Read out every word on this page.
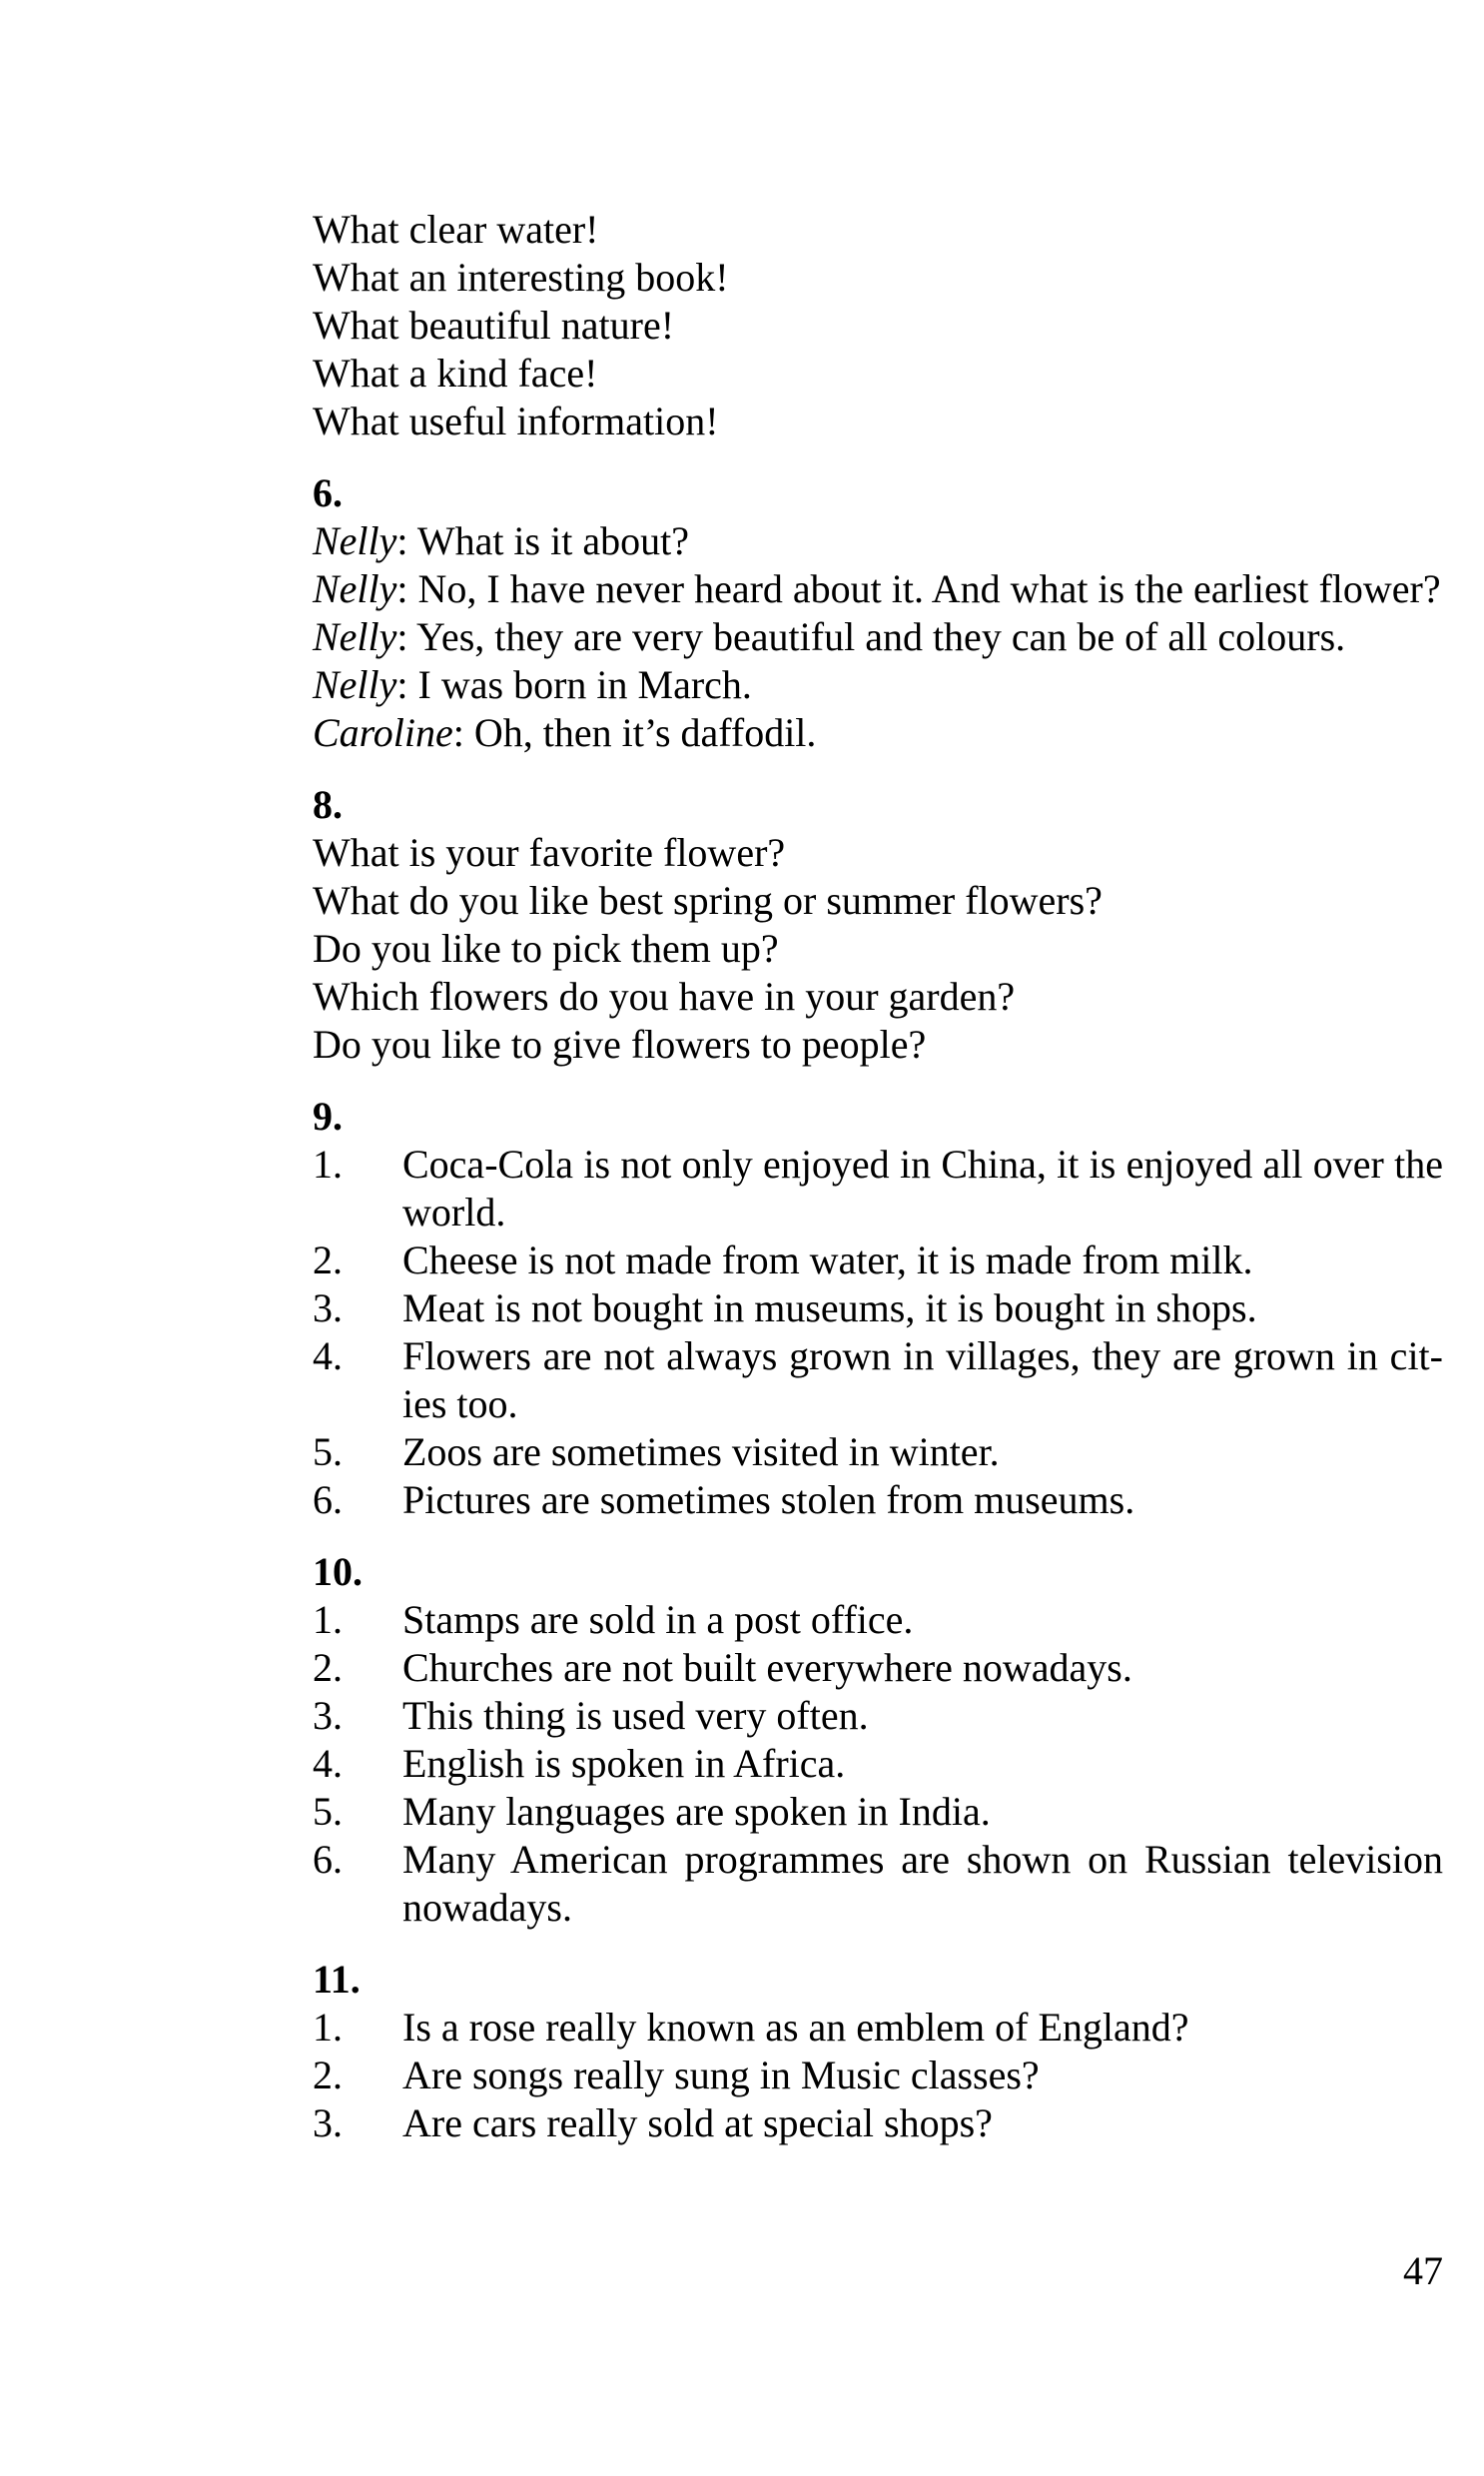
What clear water!

What an interesting book!

What beautiful nature!

What a kind face!

What useful information!

6.

Nelly: What is it about?

Nelly: No, I have never heard about it. And what is the earliest flower?

Nelly: Yes, they are very beautiful and they can be of all colours.

Nelly: I was born in March.

Caroline: Oh, then it’s daffodil.

8.

What is your favorite flower?

What do you like best spring or summer flowers?

Do you like to pick them up?

Which flowers do you have in your garden?

Do you like to give flowers to people?

9.

1.	Coca-Cola is not only enjoyed in China, it is enjoyed all over the world.
2.	Cheese is not made from water, it is made from milk.
3.	Meat is not bought in museums, it is bought in shops.
4.	Flowers are not always grown in villages, they are grown in cities too.
5.	Zoos are sometimes visited in winter.
6.	Pictures are sometimes stolen from museums.

10.

1.	Stamps are sold in a post office.
2.	Churches are not built everywhere nowadays.
3.	This thing is used very often.
4.	English is spoken in Africa.
5.	Many languages are spoken in India.
6.	Many American programmes are shown on Russian television nowadays.

11.

1.	Is a rose really known as an emblem of England?
2.	Are songs really sung in Music classes?
3.	Are cars really sold at special shops?
47
